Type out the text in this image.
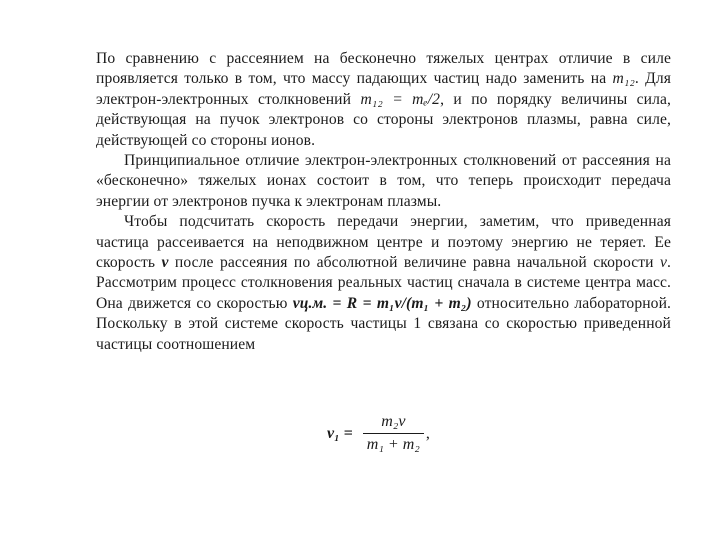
По сравнению с рассеянием на бесконечно тяжелых центрах отличие в силе проявляется только в том, что массу падающих частиц надо заменить на m₁₂. Для электрон-электронных столкновений m₁₂ = mₑ/2, и по порядку величины сила, действующая на пучок электронов со стороны электронов плазмы, равна силе, действующей со стороны ионов.

Принципиальное отличие электрон-электронных столкновений от рассеяния на «бесконечно» тяжелых ионах состоит в том, что теперь происходит передача энергии от электронов пучка к электронам плазмы.

Чтобы подсчитать скорость передачи энергии, заметим, что приведенная частица рассеивается на неподвижном центре и поэтому энергию не теряет. Ее скорость v после рассеяния по абсолютной величине равна начальной скорости v. Рассмотрим процесс столкновения реальных частиц сначала в системе центра масс. Она движется со скоростью vц.м. = R = m₁v/(m₁ + m₂) относительно лабораторной. Поскольку в этой системе скорость частицы 1 связана со скоростью приведенной частицы соотношением

$v_1 = \frac{\text{m₂v}}{\text{m₁ + m₂}}$ ,
